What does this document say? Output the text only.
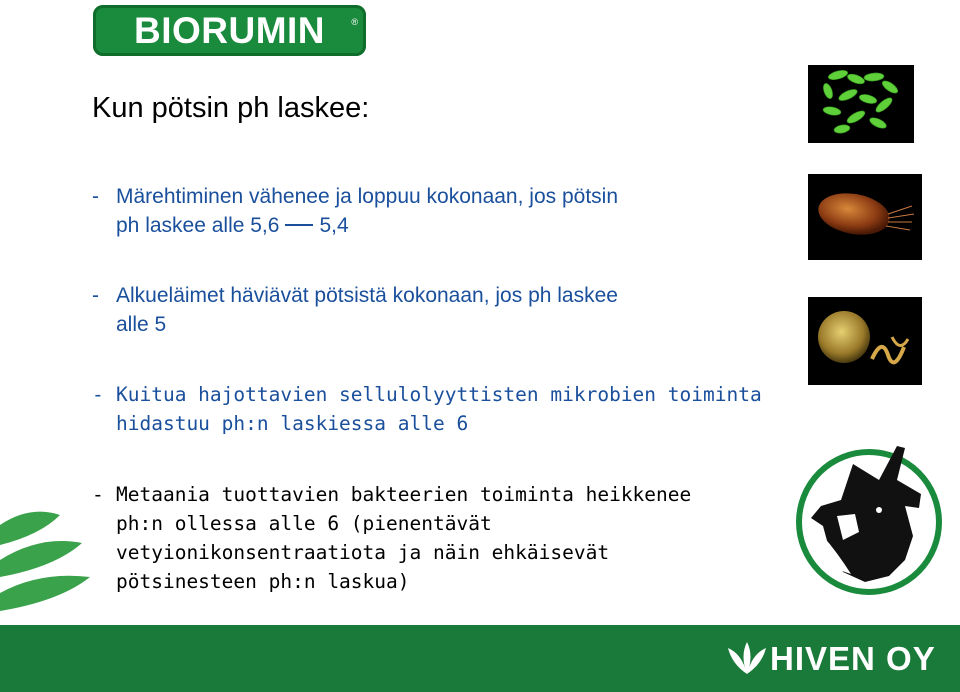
BIORUMIN	®
Kun pötsin ph laskee:
- Märehtiminen vähenee ja loppuu kokonaan, jos pötsin
ph laskee alle 5,6 5,4
- Alkueläimet häviävät pötsistä kokonaan, jos ph laskee
alle 5
- Kuitua hajottavien sellulolyyttisten mikrobien toiminta
hidastuu ph:n laskiessa alle 6
- Metaania tuottavien bakteerien toiminta heikkenee
ph:n ollessa alle 6 (pienentävät
vetyionikonsentraatiota ja näin ehkäisevät
pötsinesteen ph:n laskua)
HIVEN OY
